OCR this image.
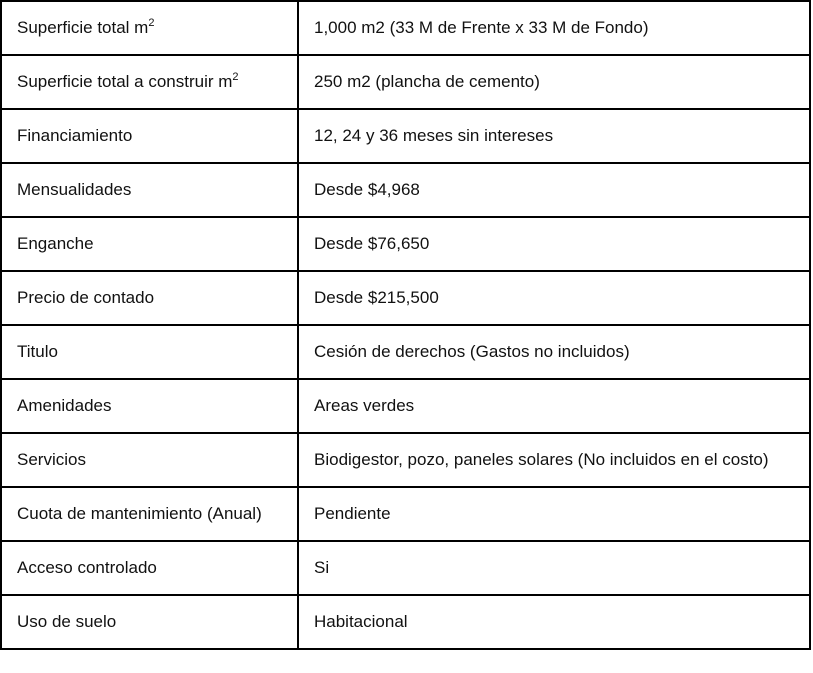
Superficie total $m^2$	1,000 m2 (33 M de Frente x 33 M de Fondo)
Superficie total a construir $m^2$	250 m2 (plancha de cemento)
Financiamiento	12, 24 y 36 meses sin intereses
Mensualidades	Desde $4,968
Enganche	Desde $76,650
Precio de contado	Desde $215,500
Titulo	Cesión de derechos (Gastos no incluidos)
Amenidades	Areas verdes
Servicios	Biodigestor, pozo, paneles solares (No incluidos en el costo)
Cuota de mantenimiento (Anual)	Pendiente
Acceso controlado	Si
Uso de suelo	Habitacional
